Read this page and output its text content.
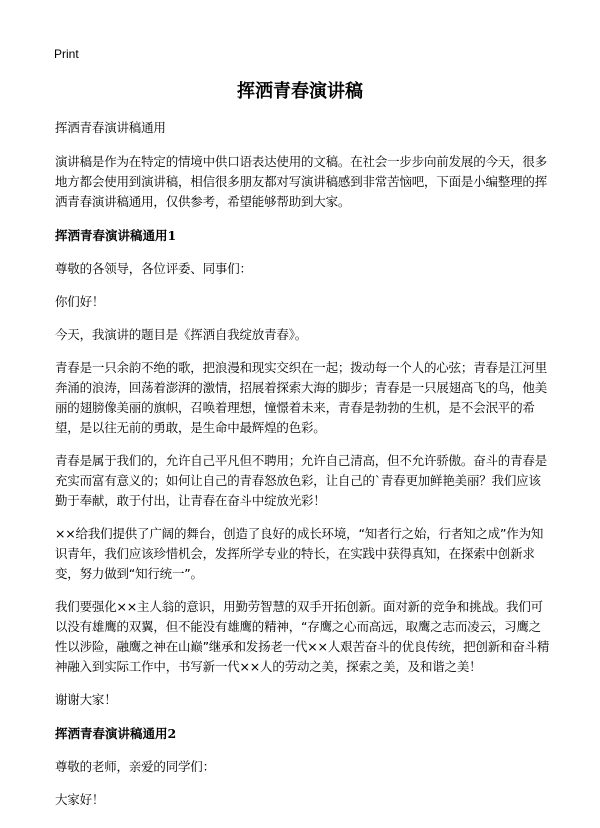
Print
挥洒青春演讲稿

挥洒青春演讲稿通用

演讲稿是作为在特定的情境中供口语表达使用的文稿。在社会一步步向前发展的今天，很多地方都会使用到演讲稿，相信很多朋友都对写演讲稿感到非常苦恼吧，下面是小编整理的挥洒青春演讲稿通用，仅供参考，希望能够帮助到大家。

挥洒青春演讲稿通用1

尊敬的各领导，各位评委、同事们：

你们好！

今天，我演讲的题目是《挥洒自我绽放青春》。

青春是一只余韵不绝的歌，把浪漫和现实交织在一起；拨动每一个人的心弦；青春是江河里奔涌的浪涛，回荡着澎湃的激情，招展着探索大海的脚步；青春是一只展翅高飞的鸟，他美丽的翅膀像美丽的旗帜，召唤着理想，憧憬着未来，青春是勃勃的生机，是不会泯平的希望，是以往无前的勇敢，是生命中最辉煌的色彩。

青春是属于我们的，允许自己平凡但不聘用；允许自己清高，但不允许骄傲。奋斗的青春是充实而富有意义的；如何让自己的青春怒放色彩，让自己的`青春更加鲜艳美丽？我们应该勤于奉献，敢于付出，让青春在奋斗中绽放光彩！

××给我们提供了广阔的舞台，创造了良好的成长环境，“知者行之始，行者知之成”作为知识青年，我们应该珍惜机会，发挥所学专业的特长，在实践中获得真知，在探索中创新求变，努力做到“知行统一”。

我们要强化××主人翁的意识，用勤劳智慧的双手开拓创新。面对新的竞争和挑战。我们可以没有雄鹰的双翼，但不能没有雄鹰的精神，“存鹰之心而高远，取鹰之志而凌云，习鹰之性以涉险，融鹰之神在山巅”继承和发扬老一代××人艰苦奋斗的优良传统，把创新和奋斗精神融入到实际工作中，书写新一代××人的劳动之美，探索之美，及和谐之美！

谢谢大家！

挥洒青春演讲稿通用2

尊敬的老师，亲爱的同学们：

大家好！
